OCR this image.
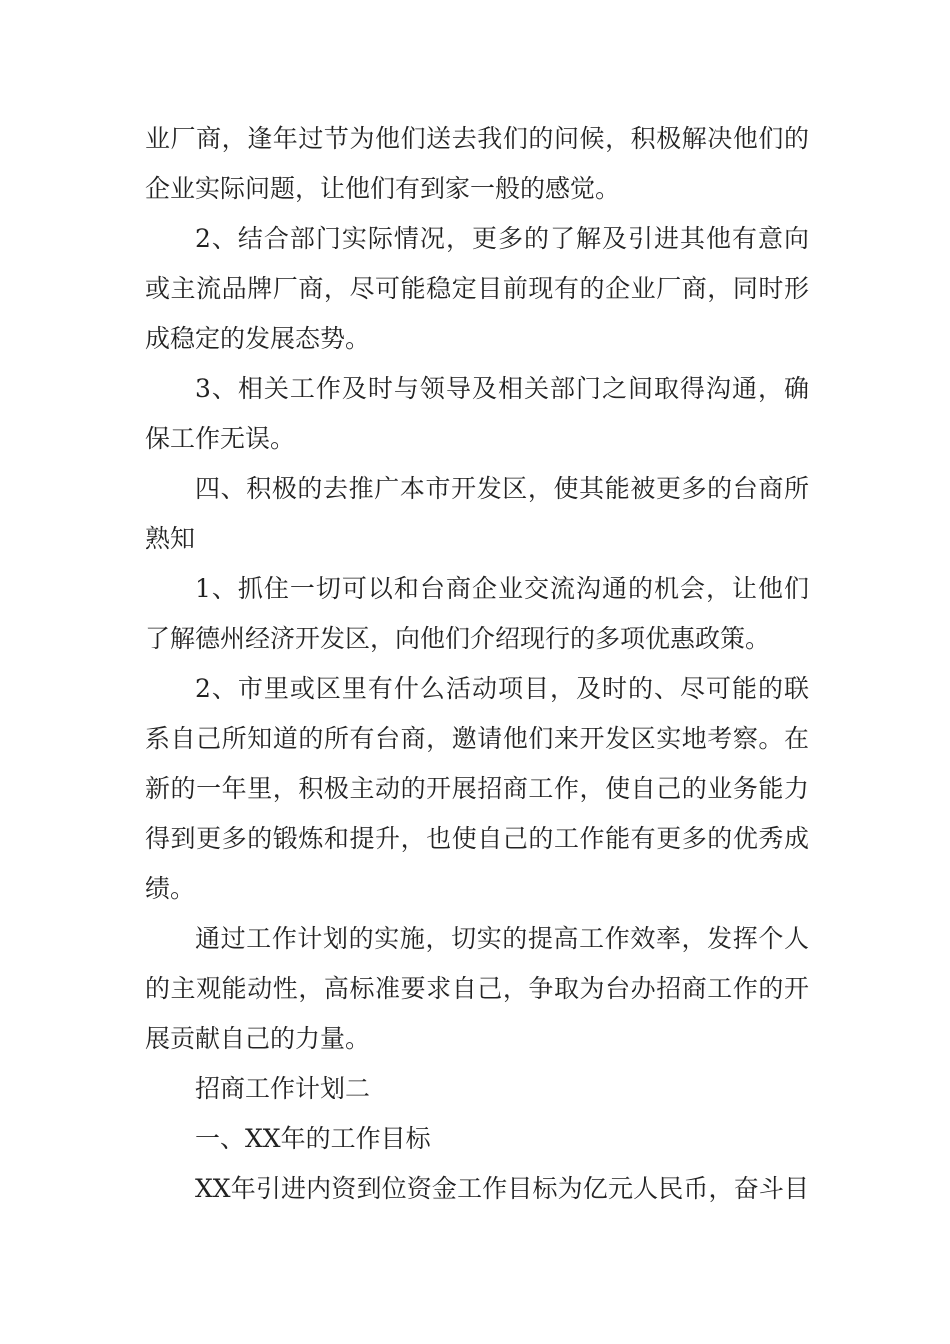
业厂商，逢年过节为他们送去我们的问候，积极解决他们的
企业实际问题，让他们有到家一般的感觉。
2、结合部门实际情况，更多的了解及引进其他有意向
或主流品牌厂商，尽可能稳定目前现有的企业厂商，同时形
成稳定的发展态势。
3、相关工作及时与领导及相关部门之间取得沟通，确
保工作无误。
四、积极的去推广本市开发区，使其能被更多的台商所
熟知
1、抓住一切可以和台商企业交流沟通的机会，让他们
了解德州经济开发区，向他们介绍现行的多项优惠政策。
2、市里或区里有什么活动项目，及时的、尽可能的联
系自己所知道的所有台商，邀请他们来开发区实地考察。在
新的一年里，积极主动的开展招商工作，使自己的业务能力
得到更多的锻炼和提升，也使自己的工作能有更多的优秀成
绩。
通过工作计划的实施，切实的提高工作效率，发挥个人
的主观能动性，高标准要求自己，争取为台办招商工作的开
展贡献自己的力量。
招商工作计划二
一、XX年的工作目标
XX年引进内资到位资金工作目标为亿元人民币，奋斗目
